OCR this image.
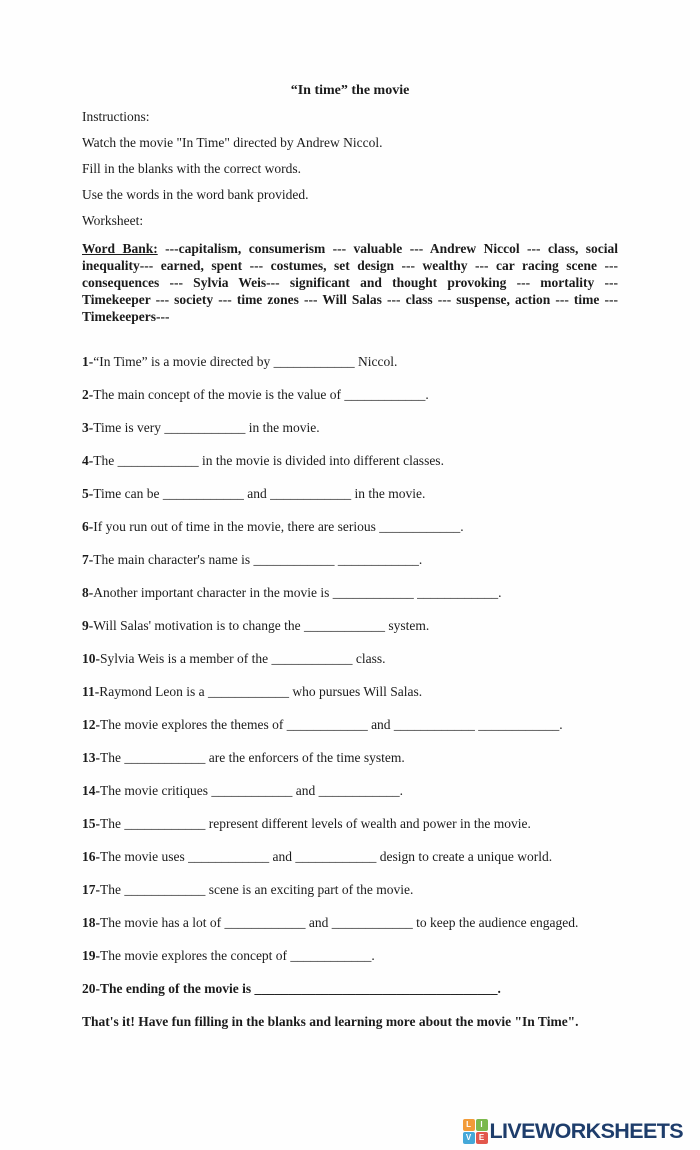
“In time” the movie

Instructions:

Watch the movie "In Time" directed by Andrew Niccol.

Fill in the blanks with the correct words.

Use the words in the word bank provided.

Worksheet:

Word Bank: ---capitalism, consumerism --- valuable --- Andrew Niccol --- class, social inequality--- earned, spent --- costumes, set design --- wealthy --- car racing scene --- consequences --- Sylvia Weis--- significant and thought provoking --- mortality --- Timekeeper --- society --- time zones --- Will Salas --- class --- suspense, action --- time --- Timekeepers---

1-“In Time” is a movie directed by ____________ Niccol.

2-The main concept of the movie is the value of ____________.

3-Time is very ____________ in the movie.

4-The ____________ in the movie is divided into different classes.

5-Time can be ____________ and ____________ in the movie.

6-If you run out of time in the movie, there are serious ____________.

7-The main character's name is ____________ ____________.

8-Another important character in the movie is ____________ ____________.

9-Will Salas' motivation is to change the ____________ system.

10-Sylvia Weis is a member of the ____________ class.

11-Raymond Leon is a ____________ who pursues Will Salas.

12-The movie explores the themes of ____________ and ____________ ____________.

13-The ____________ are the enforcers of the time system.

14-The movie critiques ____________ and ____________.

15-The ____________ represent different levels of wealth and power in the movie.

16-The movie uses ____________ and ____________ design to create a unique world.

17-The ____________ scene is an exciting part of the movie.

18-The movie has a lot of ____________ and ____________ to keep the audience engaged.

19-The movie explores the concept of ____________.

20-The ending of the movie is ____________________________________.

That's it! Have fun filling in the blanks and learning more about the movie "In Time".

L	I
V E LIVEWORKSHEETS
